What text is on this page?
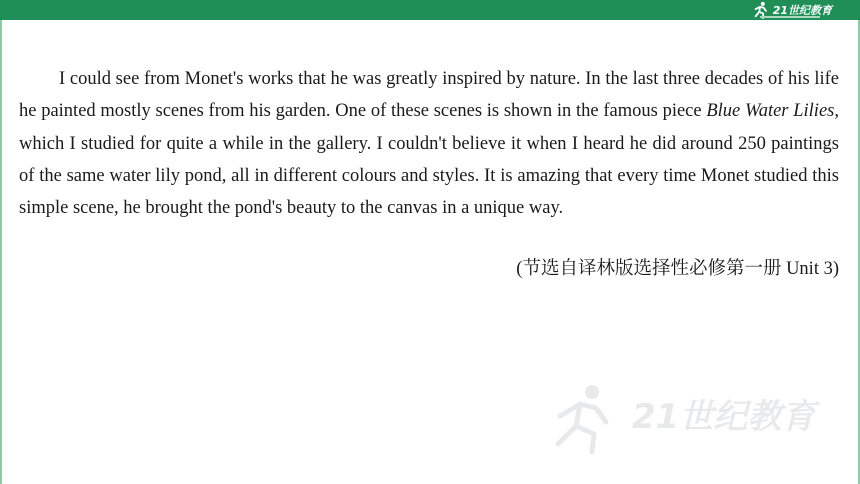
21世纪教育

I could see from Monet's works that he was greatly inspired by nature. In the last three decades of his life he painted mostly scenes from his garden. One of these scenes is shown in the famous piece Blue Water Lilies, which I studied for quite a while in the gallery. I couldn't believe it when I heard he did around 250 paintings of the same water lily pond, all in different colours and styles. It is amazing that every time Monet studied this simple scene, he brought the pond's beauty to the canvas in a unique way.

(节选自译林版选择性必修第一册 Unit 3)
21世纪教育
